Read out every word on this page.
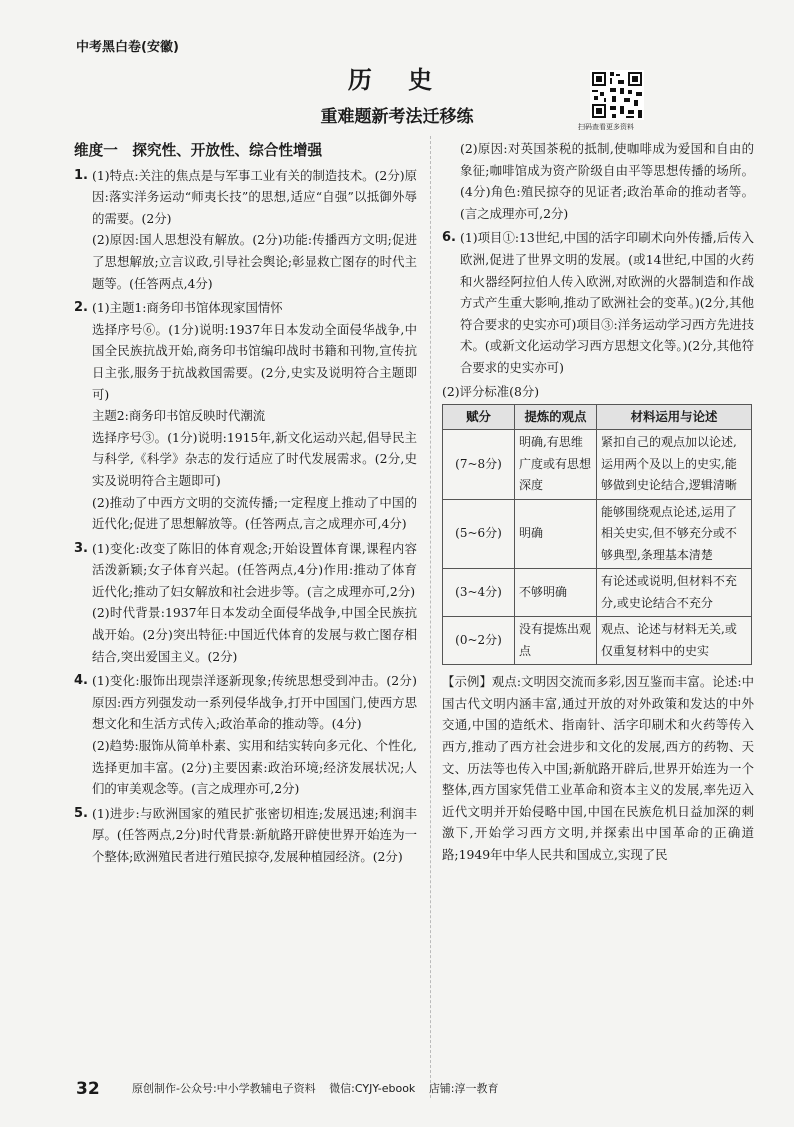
中考黑白卷(安徽)
历 史
重难题新考法迁移练	扫码查看更多资料
维度一　探究性、开放性、综合性增强
1. (1)特点:关注的焦点是与军事工业有关的制造技术。(2分)原因:落实洋务运动“师夷长技”的思想,适应“自强”以抵御外辱的需要。(2分)

(2)原因:国人思想没有解放。(2分)功能:传播西方文明;促进了思想解放;立言议政,引导社会舆论;彰显救亡图存的时代主题等。(任答两点,4分)

2. (1)主题1:商务印书馆体现家国情怀

选择序号⑥。(1分)说明:1937年日本发动全面侵华战争,中国全民族抗战开始,商务印书馆编印战时书籍和刊物,宣传抗日主张,服务于抗战救国需要。(2分,史实及说明符合主题即可)

主题2:商务印书馆反映时代潮流

选择序号③。(1分)说明:1915年,新文化运动兴起,倡导民主与科学,《科学》杂志的发行适应了时代发展需求。(2分,史实及说明符合主题即可)

(2)推动了中西方文明的交流传播;一定程度上推动了中国的近代化;促进了思想解放等。(任答两点,言之成理亦可,4分)

3. (1)变化:改变了陈旧的体育观念;开始设置体育课,课程内容活泼新颖;女子体育兴起。(任答两点,4分)作用:推动了体育近代化;推动了妇女解放和社会进步等。(言之成理亦可,2分)

(2)时代背景:1937年日本发动全面侵华战争,中国全民族抗战开始。(2分)突出特征:中国近代体育的发展与救亡图存相结合,突出爱国主义。(2分)

4. (1)变化:服饰出现崇洋逐新现象;传统思想受到冲击。(2分)原因:西方列强发动一系列侵华战争,打开中国国门,使西方思想文化和生活方式传入;政治革命的推动等。(4分)

(2)趋势:服饰从简单朴素、实用和结实转向多元化、个性化,选择更加丰富。(2分)主要因素:政治环境;经济发展状况;人们的审美观念等。(言之成理亦可,2分)

5. (1)进步:与欧洲国家的殖民扩张密切相连;发展迅速;利润丰厚。(任答两点,2分)时代背景:新航路开辟使世界开始连为一个整体;欧洲殖民者进行殖民掠夺,发展种植园经济。(2分)

(2)原因:对英国茶税的抵制,使咖啡成为爱国和自由的象征;咖啡馆成为资产阶级自由平等思想传播的场所。(4分)角色:殖民掠夺的见证者;政治革命的推动者等。(言之成理亦可,2分)

6. (1)项目①:13世纪,中国的活字印刷术向外传播,后传入欧洲,促进了世界文明的发展。(或14世纪,中国的火药和火器经阿拉伯人传入欧洲,对欧洲的火器制造和作战方式产生重大影响,推动了欧洲社会的变革。)(2分,其他符合要求的史实亦可)项目③:洋务运动学习西方先进技术。(或新文化运动学习西方思想文化等。)(2分,其他符合要求的史实亦可)

(2)评分标准(8分)
赋分	提炼的观点	材料运用与论述
(7~8分)	明确,有思维广度或有思想深度	紧扣自己的观点加以论述,运用两个及以上的史实,能够做到史论结合,逻辑清晰
(5~6分)	明确	能够围绕观点论述,运用了相关史实,但不够充分或不够典型,条理基本清楚
(3~4分)	不够明确	有论述或说明,但材料不充分,或史论结合不充分
(0~2分)	没有提炼出观点	观点、论述与材料无关,或仅重复材料中的史实

【示例】观点:文明因交流而多彩,因互鉴而丰富。论述:中国古代文明内涵丰富,通过开放的对外政策和发达的中外交通,中国的造纸术、指南针、活字印刷术和火药等传入西方,推动了西方社会进步和文化的发展,西方的药物、天文、历法等也传入中国;新航路开辟后,世界开始连为一个整体,西方国家凭借工业革命和资本主义的发展,率先迈入近代文明并开始侵略中国,中国在民族危机日益加深的刺激下,开始学习西方文明,并探索出中国革命的正确道路;1949年中华人民共和国成立,实现了民

32	原创制作-公众号:中小学教辅电子资料 微信:CYJY-ebook 店铺:淳一教育
